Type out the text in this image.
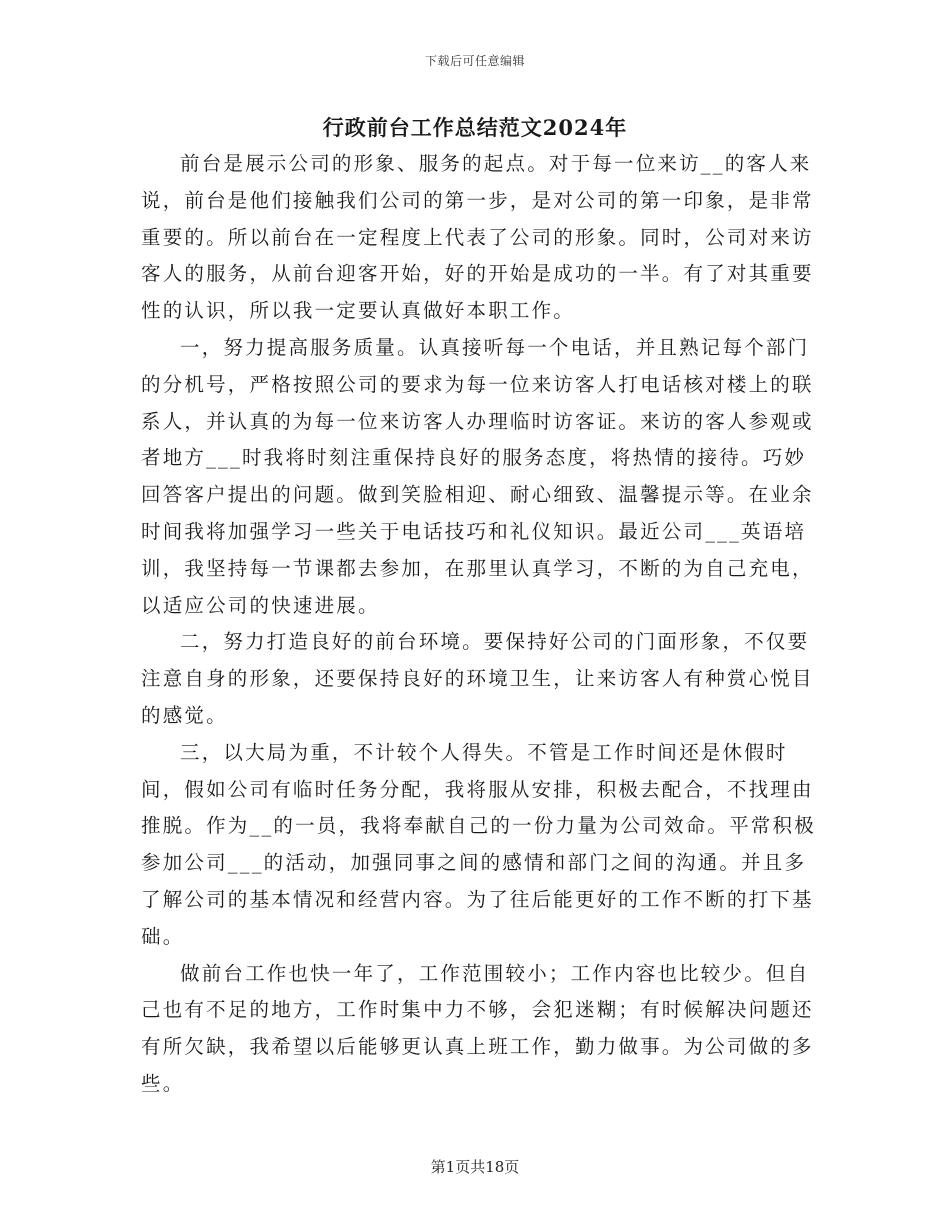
下载后可任意编辑
行政前台工作总结范文2024年

前台是展示公司的形象、服务的起点。对于每一位来访__的客人来说，前台是他们接触我们公司的第一步，是对公司的第一印象，是非常重要的。所以前台在一定程度上代表了公司的形象。同时，公司对来访客人的服务，从前台迎客开始，好的开始是成功的一半。有了对其重要性的认识，所以我一定要认真做好本职工作。

一，努力提高服务质量。认真接听每一个电话，并且熟记每个部门的分机号，严格按照公司的要求为每一位来访客人打电话核对楼上的联系人，并认真的为每一位来访客人办理临时访客证。来访的客人参观或者地方___时我将时刻注重保持良好的服务态度，将热情的接待。巧妙回答客户提出的问题。做到笑脸相迎、耐心细致、温馨提示等。在业余时间我将加强学习一些关于电话技巧和礼仪知识。最近公司___英语培训，我坚持每一节课都去参加，在那里认真学习，不断的为自己充电，以适应公司的快速进展。

二，努力打造良好的前台环境。要保持好公司的门面形象，不仅要注意自身的形象，还要保持良好的环境卫生，让来访客人有种赏心悦目的感觉。

三，以大局为重，不计较个人得失。不管是工作时间还是休假时间，假如公司有临时任务分配，我将服从安排，积极去配合，不找理由推脱。作为__的一员，我将奉献自己的一份力量为公司效命。平常积极参加公司___的活动，加强同事之间的感情和部门之间的沟通。并且多了解公司的基本情况和经营内容。为了往后能更好的工作不断的打下基础。

做前台工作也快一年了，工作范围较小；工作内容也比较少。但自己也有不足的地方，工作时集中力不够，会犯迷糊；有时候解决问题还有所欠缺，我希望以后能够更认真上班工作，勤力做事。为公司做的多些。

第1页共18页
